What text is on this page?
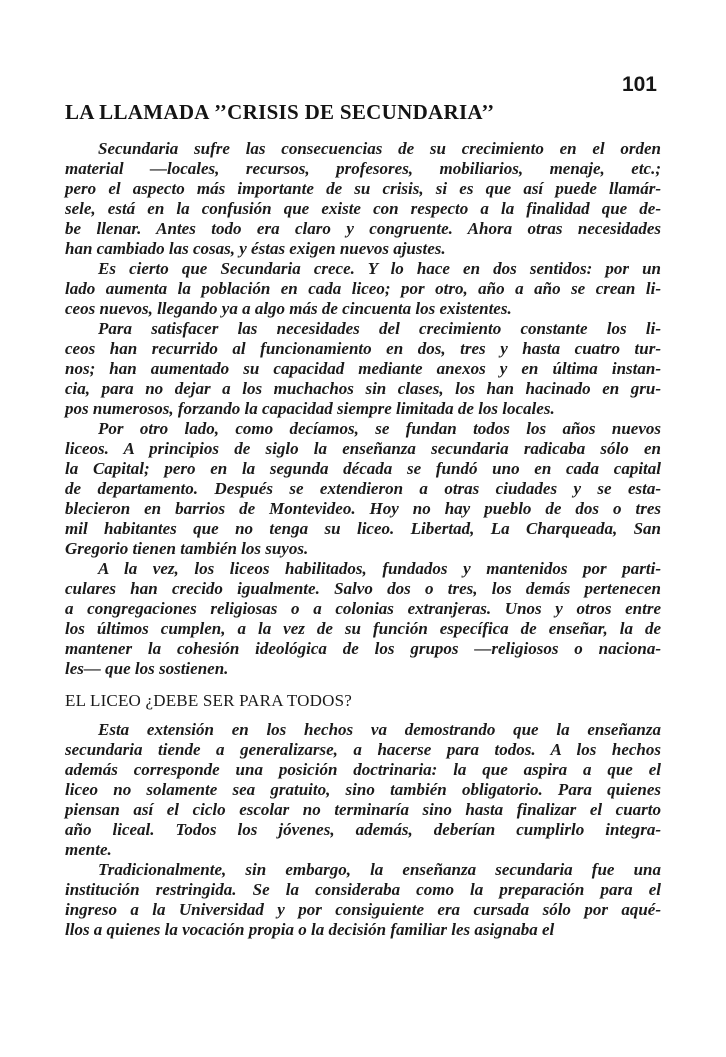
101
LA LLAMADA ’’CRISIS DE SECUNDARIA’’
Secundaria sufre las consecuencias de su crecimiento en el orden
material —locales, recursos, profesores, mobiliarios, menaje, etc.;
pero el aspecto más importante de su crisis, si es que así puede llamár-
sele, está en la confusión que existe con respecto a la finalidad que de-
be llenar. Antes todo era claro y congruente. Ahora otras necesidades
han cambiado las cosas, y éstas exigen nuevos ajustes.
Es cierto que Secundaria crece. Y lo hace en dos sentidos: por un
lado aumenta la población en cada liceo; por otro, año a año se crean li-
ceos nuevos, llegando ya a algo más de cincuenta los existentes.
Para satisfacer las necesidades del crecimiento constante los li-
ceos han recurrido al funcionamiento en dos, tres y hasta cuatro tur-
nos; han aumentado su capacidad mediante anexos y en última instan-
cia, para no dejar a los muchachos sin clases, los han hacinado en gru-
pos numerosos, forzando la capacidad siempre limitada de los locales.
Por otro lado, como decíamos, se fundan todos los años nuevos
liceos. A principios de siglo la enseñanza secundaria radicaba sólo en
la Capital; pero en la segunda década se fundó uno en cada capital
de departamento. Después se extendieron a otras ciudades y se esta-
blecieron en barrios de Montevideo. Hoy no hay pueblo de dos o tres
mil habitantes que no tenga su liceo. Libertad, La Charqueada, San
Gregorio tienen también los suyos.
A la vez, los liceos habilitados, fundados y mantenidos por parti-
culares han crecido igualmente. Salvo dos o tres, los demás pertenecen
a congregaciones religiosas o a colonias extranjeras. Unos y otros entre
los últimos cumplen, a la vez de su función específica de enseñar, la de
mantener la cohesión ideológica de los grupos —religiosos o naciona-
les— que los sostienen.
EL LICEO ¿DEBE SER PARA TODOS?
Esta extensión en los hechos va demostrando que la enseñanza
secundaria tiende a generalizarse, a hacerse para todos. A los hechos
además corresponde una posición doctrinaria: la que aspira a que el
liceo no solamente sea gratuito, sino también obligatorio. Para quienes
piensan así el ciclo escolar no terminaría sino hasta finalizar el cuarto
año liceal. Todos los jóvenes, además, deberían cumplirlo integra-
mente.
Tradicionalmente, sin embargo, la enseñanza secundaria fue una
institución restringida. Se la consideraba como la preparación para el
ingreso a la Universidad y por consiguiente era cursada sólo por aqué-
llos a quienes la vocación propia o la decisión familiar les asignaba el
